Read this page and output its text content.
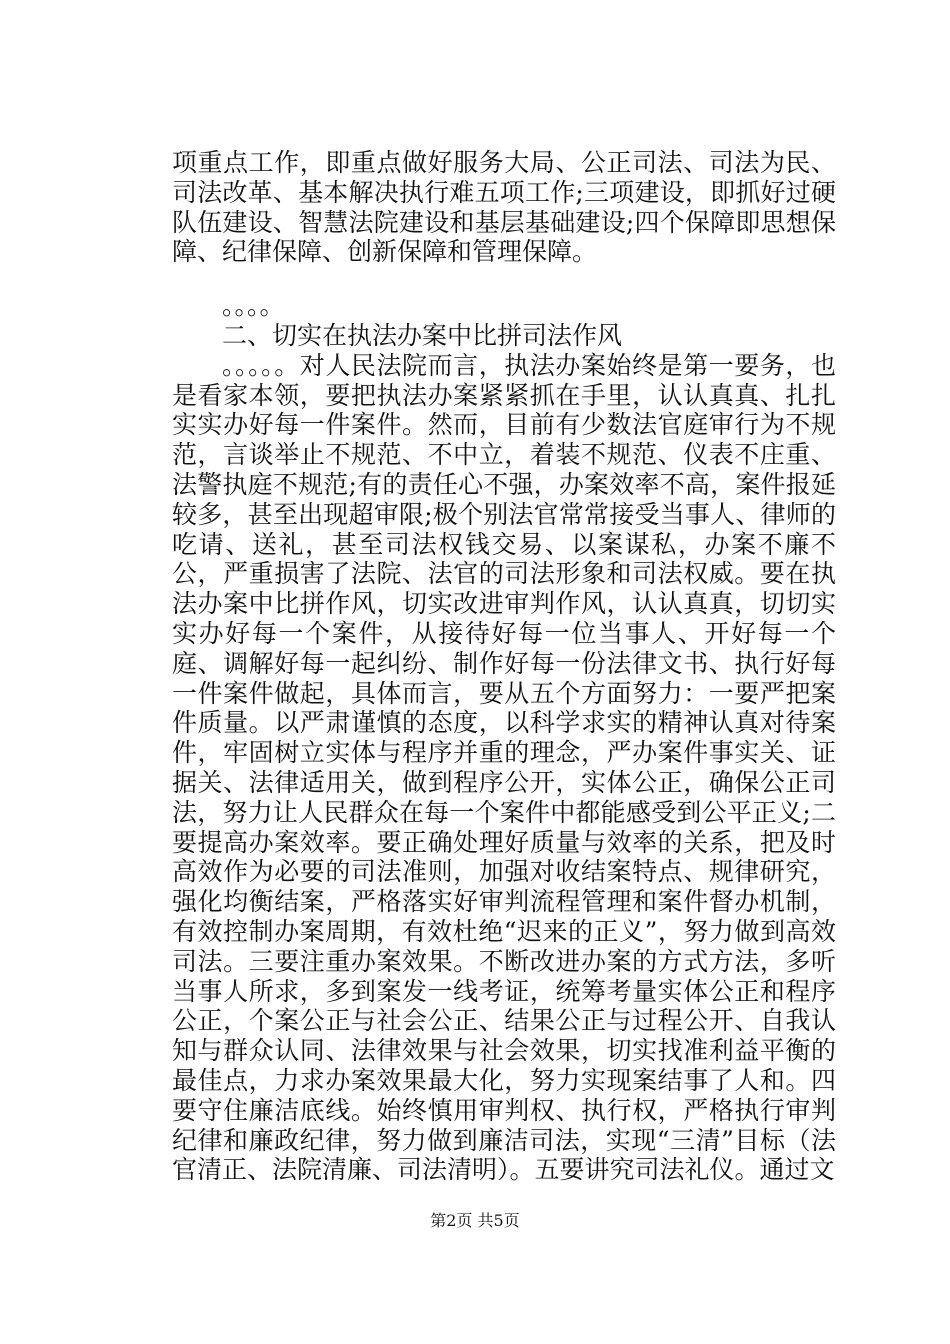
项重点工作，即重点做好服务大局、公正司法、司法为民、司法改革、基本解决执行难五项工作;三项建设，即抓好过硬队伍建设、智慧法院建设和基层基础建设;四个保障即思想保障、纪律保障、创新保障和管理保障。

。。。。

二、切实在执法办案中比拼司法作风

。。。。。对人民法院而言，执法办案始终是第一要务，也是看家本领，要把执法办案紧紧抓在手里，认认真真、扎扎实实办好每一件案件。然而，目前有少数法官庭审行为不规范，言谈举止不规范、不中立，着装不规范、仪表不庄重、法警执庭不规范;有的责任心不强，办案效率不高，案件报延较多，甚至出现超审限;极个别法官常常接受当事人、律师的吃请、送礼，甚至司法权钱交易、以案谋私，办案不廉不公，严重损害了法院、法官的司法形象和司法权威。要在执法办案中比拼作风，切实改进审判作风，认认真真，切切实实办好每一个案件，从接待好每一位当事人、开好每一个庭、调解好每一起纠纷、制作好每一份法律文书、执行好每一件案件做起，具体而言，要从五个方面努力：一要严把案件质量。以严肃谨慎的态度，以科学求实的精神认真对待案件，牢固树立实体与程序并重的理念，严办案件事实关、证据关、法律适用关，做到程序公开，实体公正，确保公正司法，努力让人民群众在每一个案件中都能感受到公平正义;二要提高办案效率。要正确处理好质量与效率的关系，把及时高效作为必要的司法准则，加强对收结案特点、规律研究，强化均衡结案，严格落实好审判流程管理和案件督办机制，有效控制办案周期，有效杜绝“迟来的正义”，努力做到高效司法。三要注重办案效果。不断改进办案的方式方法，多听当事人所求，多到案发一线考证，统筹考量实体公正和程序公正，个案公正与社会公正、结果公正与过程公开、自我认知与群众认同、法律效果与社会效果，切实找准利益平衡的最佳点，力求办案效果最大化，努力实现案结事了人和。四要守住廉洁底线。始终慎用审判权、执行权，严格执行审判纪律和廉政纪律，努力做到廉洁司法，实现“三清”目标（法官清正、法院清廉、司法清明）。五要讲究司法礼仪。通过文

第2页 共5页
